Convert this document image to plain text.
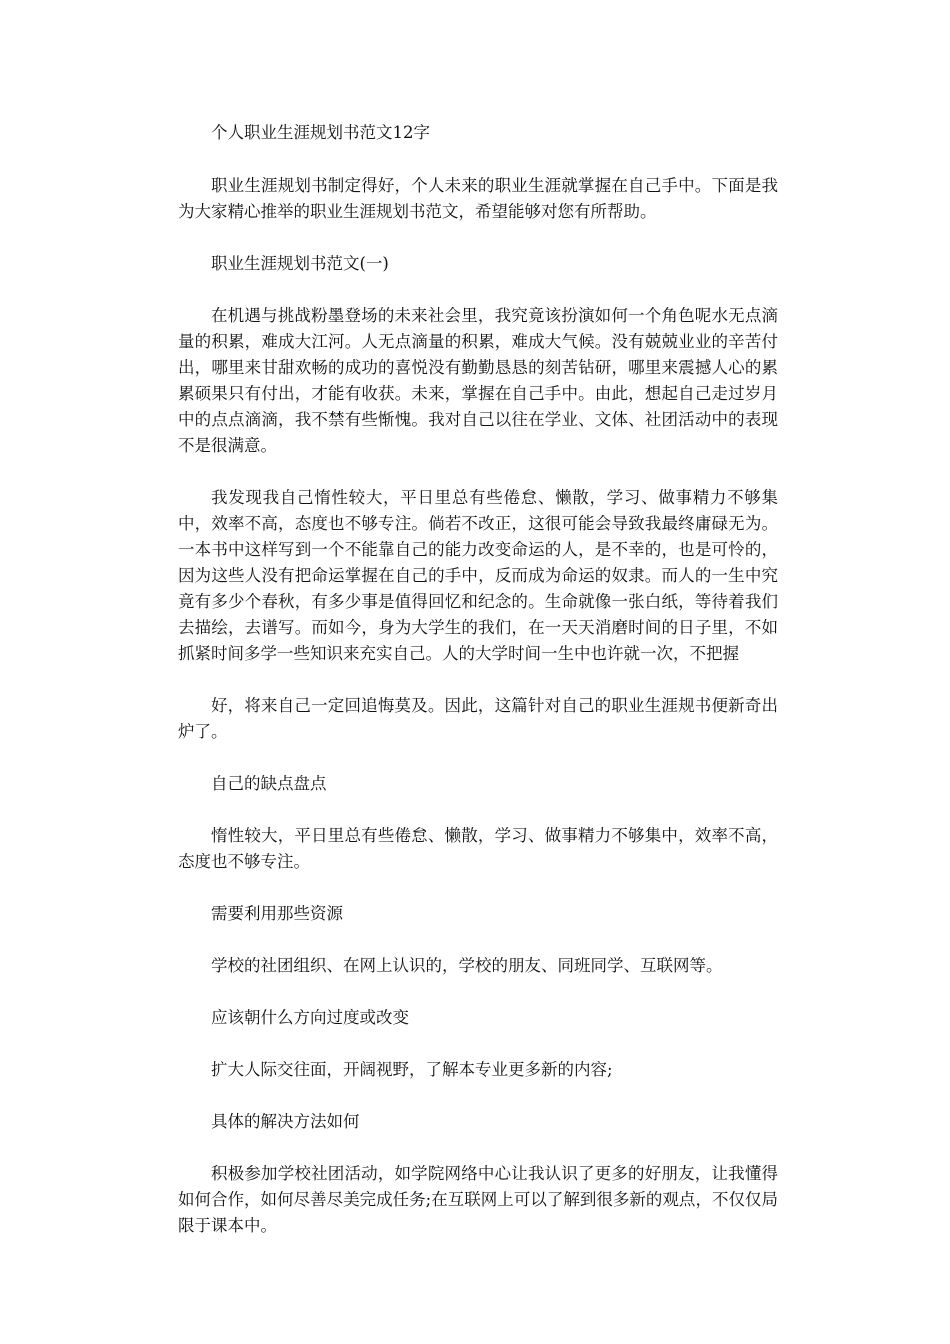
个人职业生涯规划书范文12字

职业生涯规划书制定得好，个人未来的职业生涯就掌握在自己手中。下面是我为大家精心推举的职业生涯规划书范文，希望能够对您有所帮助。

职业生涯规划书范文(一)

在机遇与挑战粉墨登场的未来社会里，我究竟该扮演如何一个角色呢水无点滴量的积累，难成大江河。人无点滴量的积累，难成大气候。没有兢兢业业的辛苦付出，哪里来甘甜欢畅的成功的喜悦没有勤勤恳恳的刻苦钻研，哪里来震撼人心的累累硕果只有付出，才能有收获。未来，掌握在自己手中。由此，想起自己走过岁月中的点点滴滴，我不禁有些惭愧。我对自己以往在学业、文体、社团活动中的表现不是很满意。

我发现我自己惰性较大，平日里总有些倦怠、懒散，学习、做事精力不够集中，效率不高，态度也不够专注。倘若不改正，这很可能会导致我最终庸碌无为。一本书中这样写到一个不能靠自己的能力改变命运的人，是不幸的，也是可怜的，因为这些人没有把命运掌握在自己的手中，反而成为命运的奴隶。而人的一生中究竟有多少个春秋，有多少事是值得回忆和纪念的。生命就像一张白纸，等待着我们去描绘，去谱写。而如今，身为大学生的我们，在一天天消磨时间的日子里，不如抓紧时间多学一些知识来充实自己。人的大学时间一生中也许就一次，不把握

好，将来自己一定回追悔莫及。因此，这篇针对自己的职业生涯规书便新奇出炉了。

自己的缺点盘点

惰性较大，平日里总有些倦怠、懒散，学习、做事精力不够集中，效率不高，态度也不够专注。

需要利用那些资源

学校的社团组织、在网上认识的，学校的朋友、同班同学、互联网等。

应该朝什么方向过度或改变

扩大人际交往面，开阔视野，了解本专业更多新的内容;

具体的解决方法如何

积极参加学校社团活动，如学院网络中心让我认识了更多的好朋友，让我懂得如何合作，如何尽善尽美完成任务;在互联网上可以了解到很多新的观点，不仅仅局限于课本中。
